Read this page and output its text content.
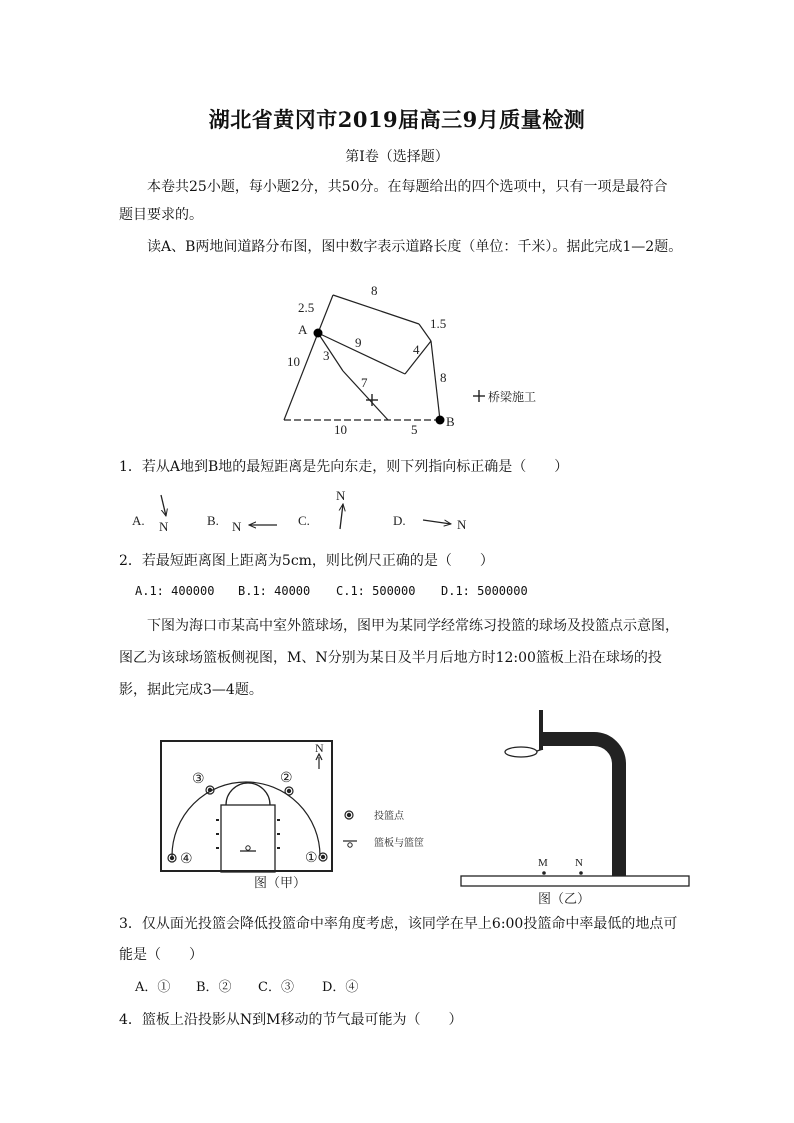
湖北省黄冈市2019届高三9月质量检测
第I卷（选择题）
本卷共25小题，每小题2分，共50分。在每题给出的四个选项中，只有一项是最符合题目要求的。
读A、B两地间道路分布图，图中数字表示道路长度（单位：千米）。据此完成1—2题。
A
B
8
2.5
1.5
9	4
10 3
7	8
10	5
桥梁施工
1．若从A地到B地的最短距离是先向东走，则下列指向标正确是（　　）
A. N	B. N	C.
N
D.	N
2．若最短距离图上距离为5cm，则比例尺正确的是（　　）
A.1: 400000 B.1: 40000 C.1: 500000 D.1: 5000000
下图为海口市某高中室外篮球场，图甲为某同学经常练习投篮的球场及投篮点示意图，图乙为该球场篮板侧视图，M、N分别为某日及半月后地方时12:00篮板上沿在球场的投影，据此完成3—4题。
N
①
②
③
④
投篮点
篮板与篮筐
图（甲）
M N
图（乙）
3．仅从面光投篮会降低投篮命中率角度考虑，该同学在早上6:00投篮命中率最低的地点可
能是（　　）
A．① B．② C．③ D．④
4．篮板上沿投影从N到M移动的节气最可能为（　　）
